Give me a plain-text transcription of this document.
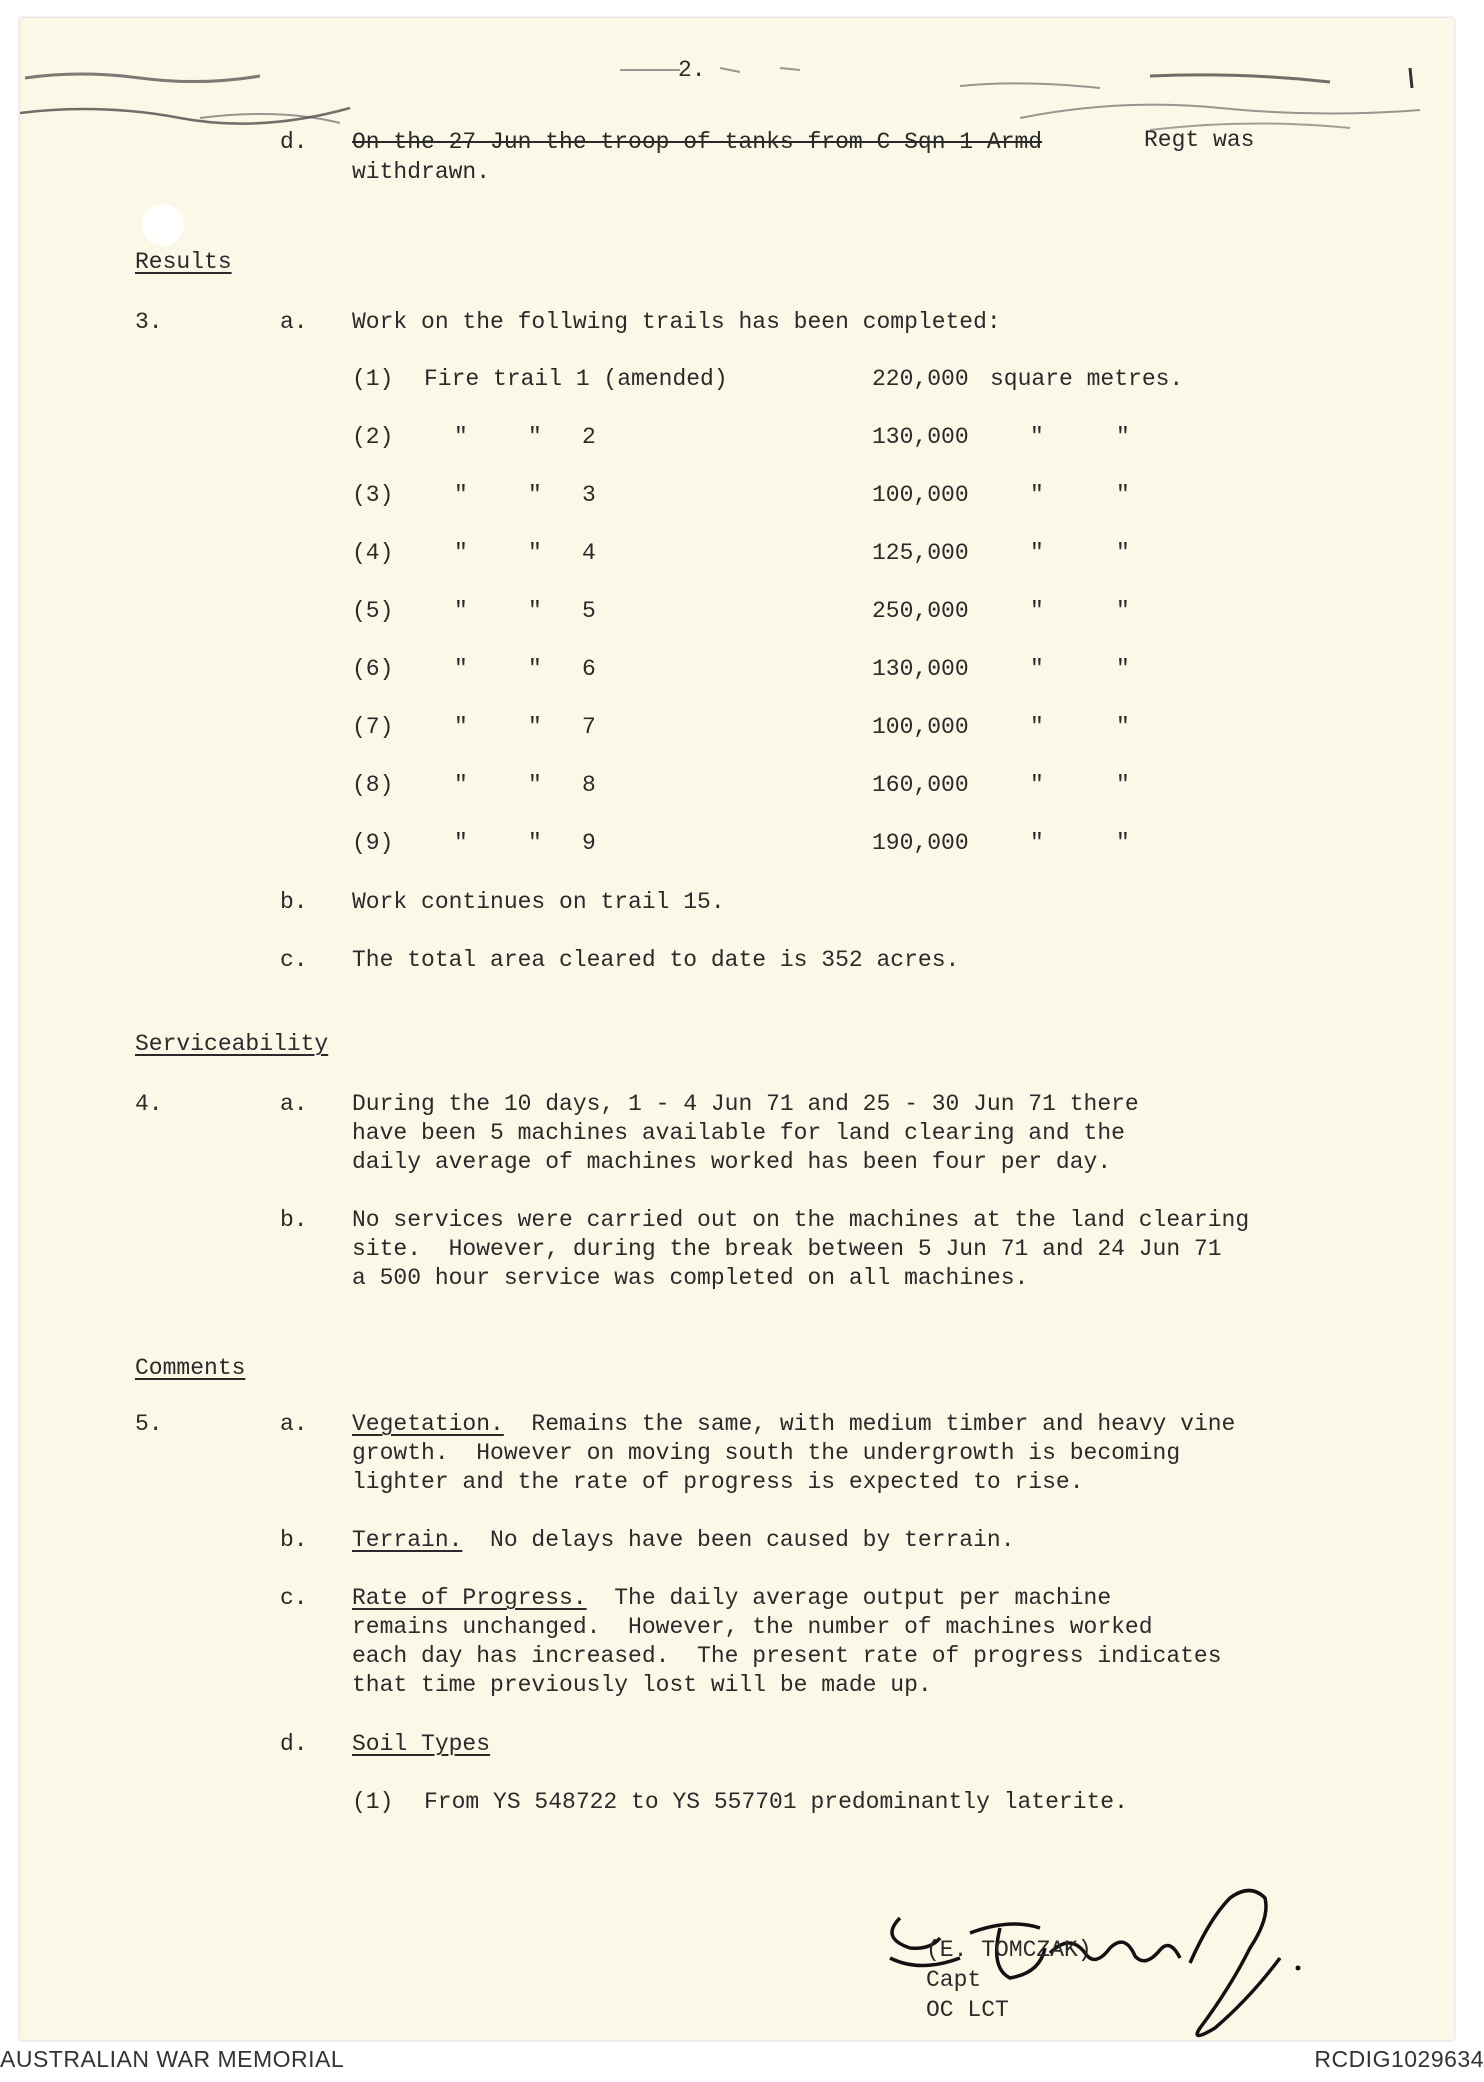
2.
d. On the 27 Jun the troop of tanks from C Sqn 1 Armd	Regt was
withdrawn.
Results
3.	a. Work on the follwing trails has been completed:
(1) Fire trail 1 (amended)	220,000 square metres.
(2)	"	" 2	130,000	"	"
(3)	"	" 3	100,000	"	"
(4)	"	" 4	125,000	"	"
(5)	"	" 5	250,000	"	"
(6)	"	" 6	130,000	"	"
(7)	"	" 7	100,000	"	"
(8)	"	" 8	160,000	"	"
(9)	"	" 9	190,000	"	"
b. Work continues on trail 15.
c. The total area cleared to date is 352 acres.
Serviceability
4.	a. During the 10 days, 1 - 4 Jun 71 and 25 - 30 Jun 71 there
have been 5 machines available for land clearing and the
daily average of machines worked has been four per day.
b. No services were carried out on the machines at the land clearing
site.  However, during the break between 5 Jun 71 and 24 Jun 71
a 500 hour service was completed on all machines.
Comments
5.	a. Vegetation.  Remains the same, with medium timber and heavy vine
growth.  However on moving south the undergrowth is becoming
lighter and the rate of progress is expected to rise.
b. Terrain.  No delays have been caused by terrain.
c. Rate of Progress.  The daily average output per machine
remains unchanged.  However, the number of machines worked
each day has increased.  The present rate of progress indicates
that time previously lost will be made up.
d. Soil Types
(1) From YS 548722 to YS 557701 predominantly laterite.
(E. TOMCZAK)
Capt
OC LCT
AUSTRALIAN WAR MEMORIAL	RCDIG1029634
